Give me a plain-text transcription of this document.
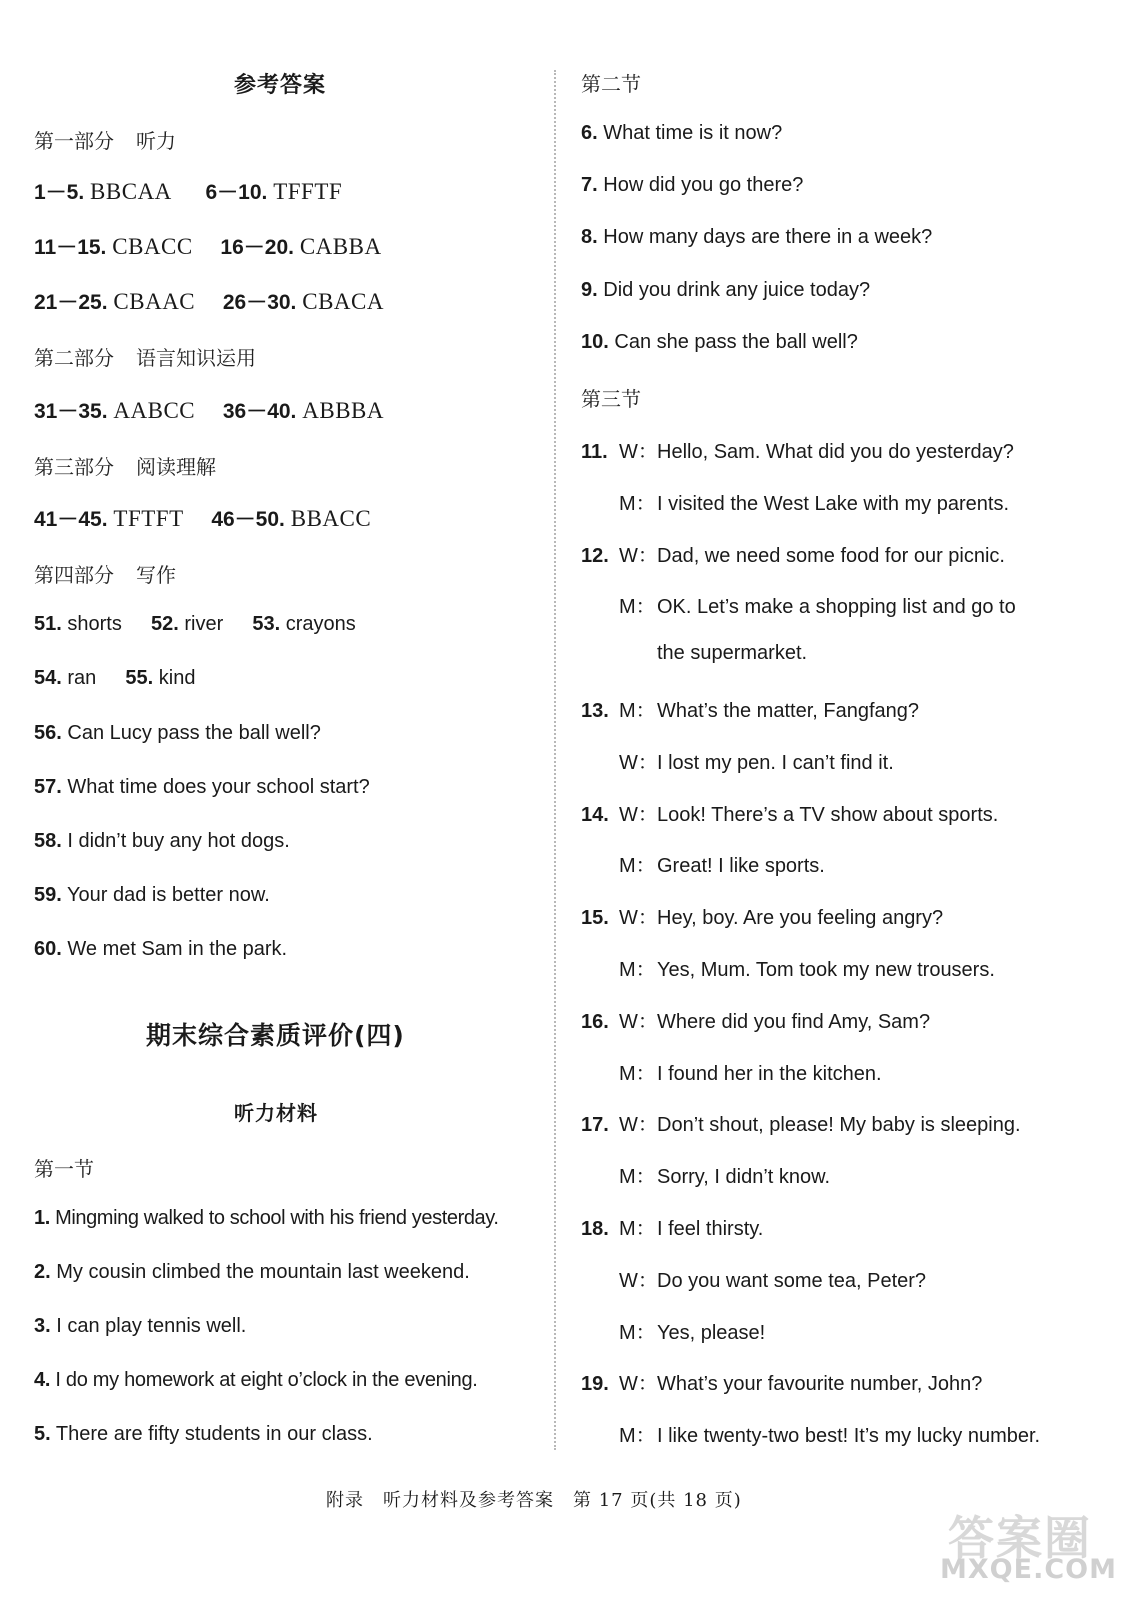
参考答案
第一部分 听力
1－5. BBCAA 6－10. TFFTF
11－15. CBACC 16－20. CABBA
21－25. CBAAC 26－30. CBACA
第二部分 语言知识运用
31－35. AABCC 36－40. ABBBA
第三部分 阅读理解
41－45. TFTFT 46－50. BBACC
第四部分 写作
51. shorts 52. river 53. crayons
54. ran 55. kind
56. Can Lucy pass the ball well?
57. What time does your school start?
58. I didn’t buy any hot dogs.
59. Your dad is better now.
60. We met Sam in the park.
期末综合素质评价(四)
听力材料
第一节
1. Mingming walked to school with his friend yesterday.
2. My cousin climbed the mountain last weekend.
3. I can play tennis well.
4. I do my homework at eight o’clock in the evening.
5. There are fifty students in our class.
第二节
6. What time is it now?
7. How did you go there?
8. How many days are there in a week?
9. Did you drink any juice today?
10. Can she pass the ball well?
第三节
11. W：Hello, Sam. What did you do yesterday?
M：I visited the West Lake with my parents.
12. W：Dad, we need some food for our picnic.
M：OK. Let’s make a shopping list and go to
the supermarket.
13. M：What’s the matter, Fangfang?
W：I lost my pen. I can’t find it.
14. W：Look! There’s a TV show about sports.
M：Great! I like sports.
15. W：Hey, boy. Are you feeling angry?
M：Yes, Mum. Tom took my new trousers.
16. W：Where did you find Amy, Sam?
M：I found her in the kitchen.
17. W：Don’t shout, please! My baby is sleeping.
M：Sorry, I didn’t know.
18. M：I feel thirsty.
W：Do you want some tea, Peter?
M：Yes, please!
19. W：What’s your favourite number, John?
M：I like twenty-two best! It’s my lucky number.
附录　听力材料及参考答案　第 17 页(共 18 页)
答案圈
MXQE.COM
